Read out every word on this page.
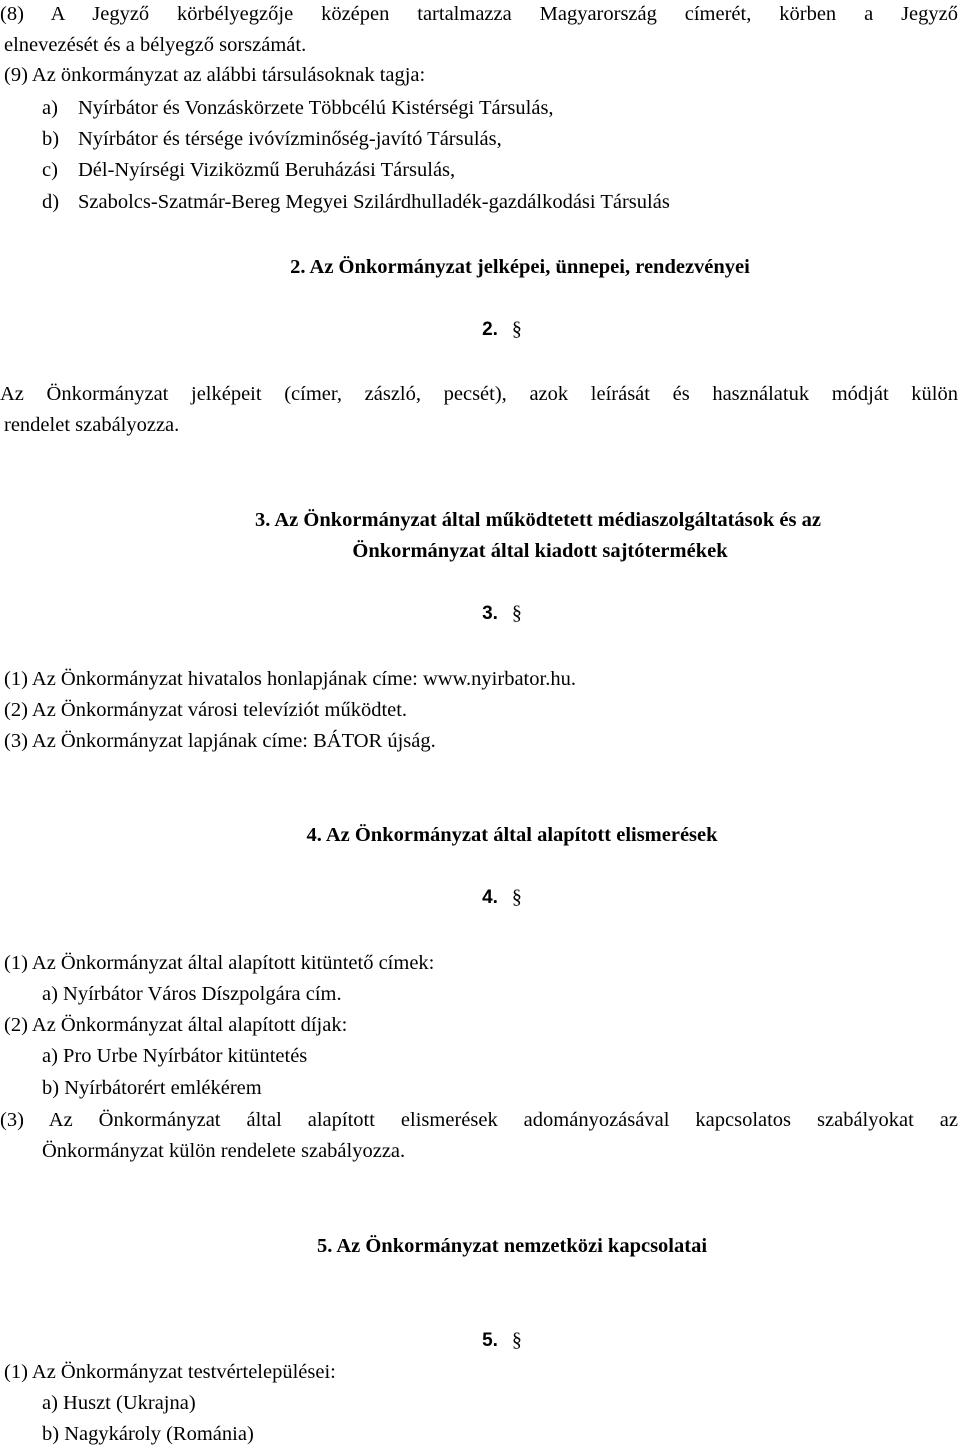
(8) A Jegyző körbélyegzője középen tartalmazza Magyarország címerét, körben a Jegyző
elnevezését és a bélyegző sorszámát.
(9) Az önkormányzat az alábbi társulásoknak tagja:
a) Nyírbátor és Vonzáskörzete Többcélú Kistérségi Társulás,
b) Nyírbátor és térsége ivóvízminőség-javító Társulás,
c) Dél-Nyírségi Viziközmű Beruházási Társulás,
d) Szabolcs-Szatmár-Bereg Megyei Szilárdhulladék-gazdálkodási Társulás
2. Az Önkormányzat jelképei, ünnepei, rendezvényei
2. §
Az Önkormányzat jelképeit (címer, zászló, pecsét), azok leírását és használatuk módját külön
rendelet szabályozza.
3. Az Önkormányzat által működtetett médiaszolgáltatások és az
Önkormányzat által kiadott sajtótermékek
3. §
(1) Az Önkormányzat hivatalos honlapjának címe: www.nyirbator.hu.
(2) Az Önkormányzat városi televíziót működtet.
(3) Az Önkormányzat lapjának címe: BÁTOR újság.
4. Az Önkormányzat által alapított elismerések
4. §
(1) Az Önkormányzat által alapított kitüntető címek:
a) Nyírbátor Város Díszpolgára cím.
(2) Az Önkormányzat által alapított díjak:
a) Pro Urbe Nyírbátor kitüntetés
b) Nyírbátorért emlékérem
(3) Az Önkormányzat által alapított elismerések adományozásával kapcsolatos szabályokat az
Önkormányzat külön rendelete szabályozza.
5. Az Önkormányzat nemzetközi kapcsolatai
5. §
(1) Az Önkormányzat testvértelepülései:
a) Huszt (Ukrajna)
b) Nagykároly (Románia)
